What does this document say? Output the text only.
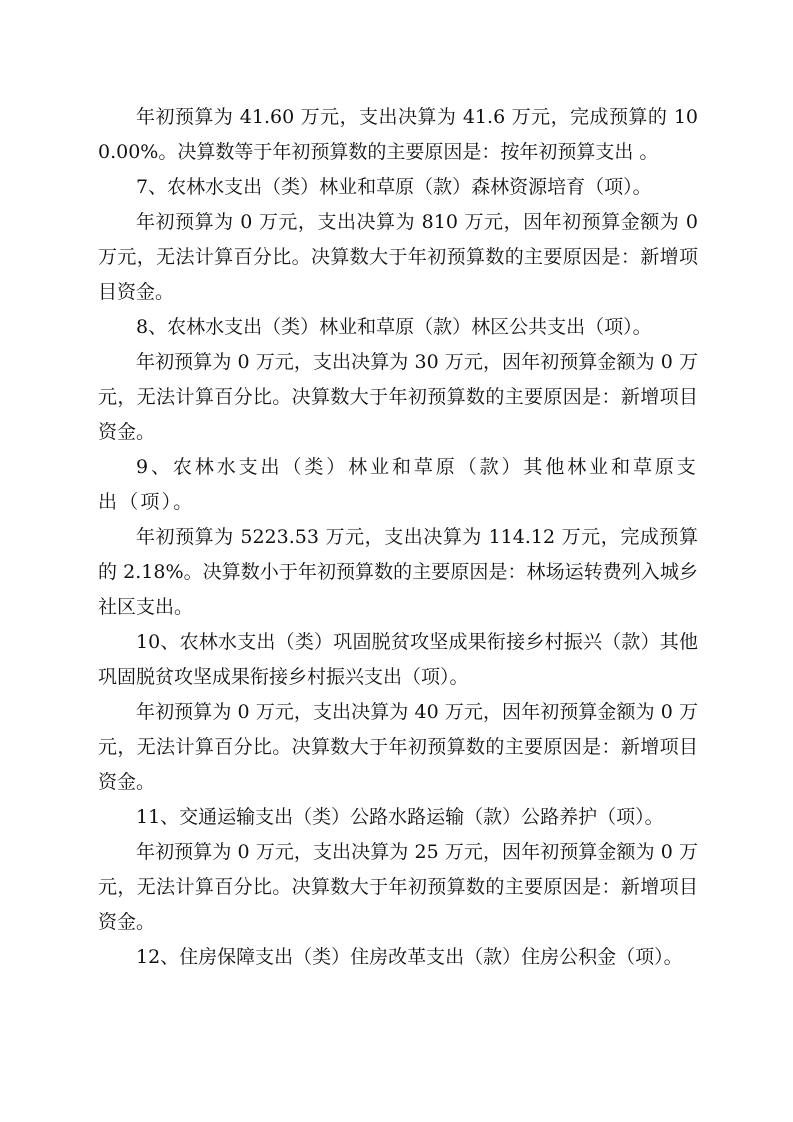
年初预算为 41.60 万元，支出决算为 41.6 万元，完成预算的 100.00%。决算数等于年初预算数的主要原因是：按年初预算支出 。

7、农林水支出（类）林业和草原（款）森林资源培育（项）。

年初预算为 0 万元，支出决算为 810 万元，因年初预算金额为 0 万元，无法计算百分比。决算数大于年初预算数的主要原因是：新增项目资金。

8、农林水支出（类）林业和草原（款）林区公共支出（项）。

年初预算为 0 万元，支出决算为 30 万元，因年初预算金额为 0 万元，无法计算百分比。决算数大于年初预算数的主要原因是：新增项目资金。

9、农林水支出（类）林业和草原（款）其他林业和草原支出（项）。

年初预算为 5223.53 万元，支出决算为 114.12 万元，完成预算的 2.18%。决算数小于年初预算数的主要原因是：林场运转费列入城乡社区支出。

10、农林水支出（类）巩固脱贫攻坚成果衔接乡村振兴（款）其他巩固脱贫攻坚成果衔接乡村振兴支出（项）。

年初预算为 0 万元，支出决算为 40 万元，因年初预算金额为 0 万元，无法计算百分比。决算数大于年初预算数的主要原因是：新增项目资金。

11、交通运输支出（类）公路水路运输（款）公路养护（项）。

年初预算为 0 万元，支出决算为 25 万元，因年初预算金额为 0 万元，无法计算百分比。决算数大于年初预算数的主要原因是：新增项目资金。

12、住房保障支出（类）住房改革支出（款）住房公积金（项）。
